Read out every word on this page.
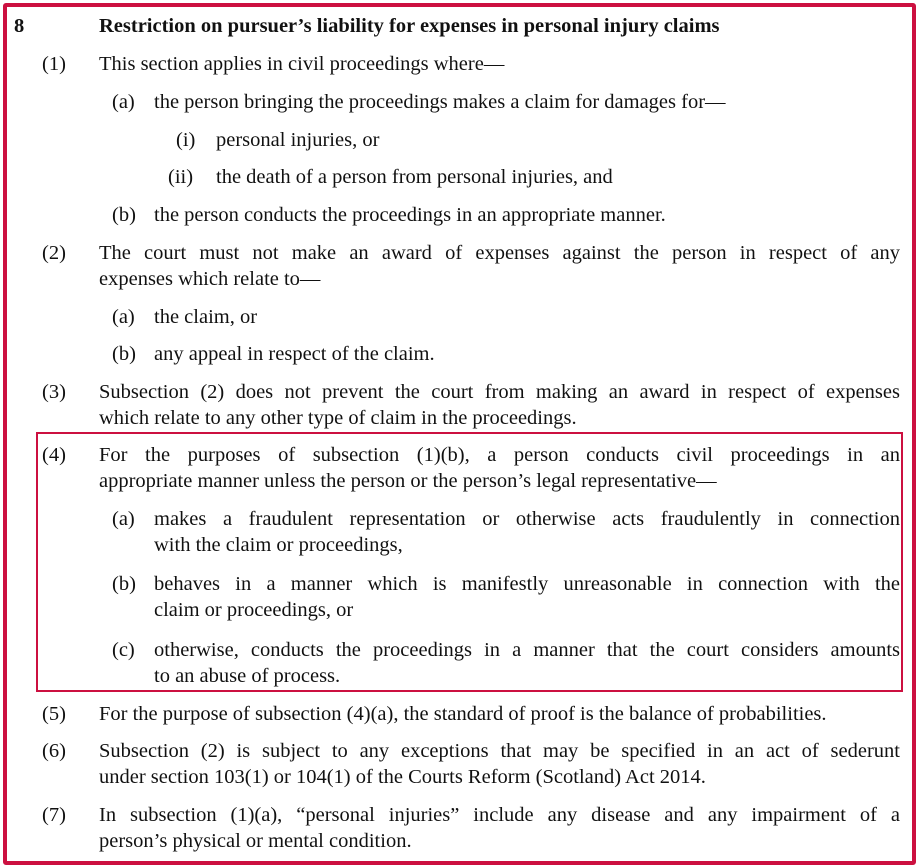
8	Restriction on pursuer’s liability for expenses in personal injury claims
(1) This section applies in civil proceedings where—
(a) the person bringing the proceedings makes a claim for damages for—
(i) personal injuries, or
(ii) the death of a person from personal injuries, and
(b) the person conducts the proceedings in an appropriate manner.
(2) The court must not make an award of expenses against the person in respect of any
expenses which relate to—
(a) the claim, or
(b) any appeal in respect of the claim.
(3) Subsection (2) does not prevent the court from making an award in respect of expenses
which relate to any other type of claim in the proceedings.
(4) For the purposes of subsection (1)(b), a person conducts civil proceedings in an
appropriate manner unless the person or the person’s legal representative—
(a) makes a fraudulent representation or otherwise acts fraudulently in connection
with the claim or proceedings,
(b) behaves in a manner which is manifestly unreasonable in connection with the
claim or proceedings, or
(c) otherwise, conducts the proceedings in a manner that the court considers amounts
to an abuse of process.
(5) For the purpose of subsection (4)(a), the standard of proof is the balance of probabilities.
(6) Subsection (2) is subject to any exceptions that may be specified in an act of sederunt
under section 103(1) or 104(1) of the Courts Reform (Scotland) Act 2014.
(7) In subsection (1)(a), “personal injuries” include any disease and any impairment of a
person’s physical or mental condition.
